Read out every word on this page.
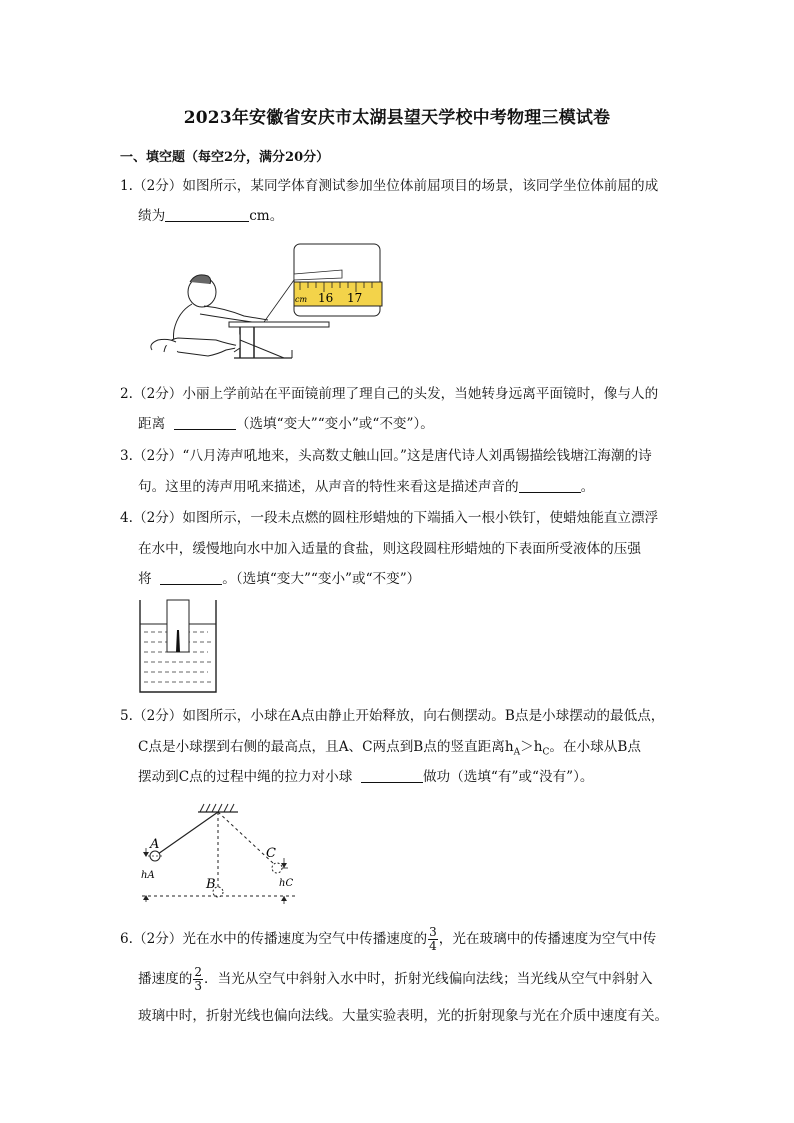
2023年安徽省安庆市太湖县望天学校中考物理三模试卷
一、填空题（每空2分，满分20分）
1.（2分）如图所示，某同学体育测试参加坐位体前屈项目的场景，该同学坐位体前屈的成
绩为	cm。
cm 16 17
2.（2分）小丽上学前站在平面镜前理了理自己的头发，当她转身远离平面镜时，像与人的
距离	（选填“变大”“变小”或“不变”）。
3.（2分）“八月涛声吼地来，头高数丈触山回。”这是唐代诗人刘禹锡描绘钱塘江海潮的诗
句。这里的涛声用吼来描述，从声音的特性来看这是描述声音的	。
4.（2分）如图所示，一段未点燃的圆柱形蜡烛的下端插入一根小铁钉，使蜡烛能直立漂浮
在水中，缓慢地向水中加入适量的食盐，则这段圆柱形蜡烛的下表面所受液体的压强
将	。（选填“变大”“变小”或“不变”）
5.（2分）如图所示，小球在A点由静止开始释放，向右侧摆动。B点是小球摆动的最低点，
C点是小球摆到右侧的最高点，且A、C两点到B点的竖直距离$h_A>h_C$。在小球从B点
摆动到C点的过程中绳的拉力对小球	做功（选填“有”或“没有”）。
A
B
C
hA
hC
6.（2分）光在水中的传播速度为空气中传播速度的 $\frac{3}{4}$ ，光在玻璃中的传播速度为空气中传
播速度的 $\frac{2}{3}$ ．当光从空气中斜射入水中时，折射光线偏向法线；当光线从空气中斜射入
玻璃中时，折射光线也偏向法线。大量实验表明，光的折射现象与光在介质中速度有关。
